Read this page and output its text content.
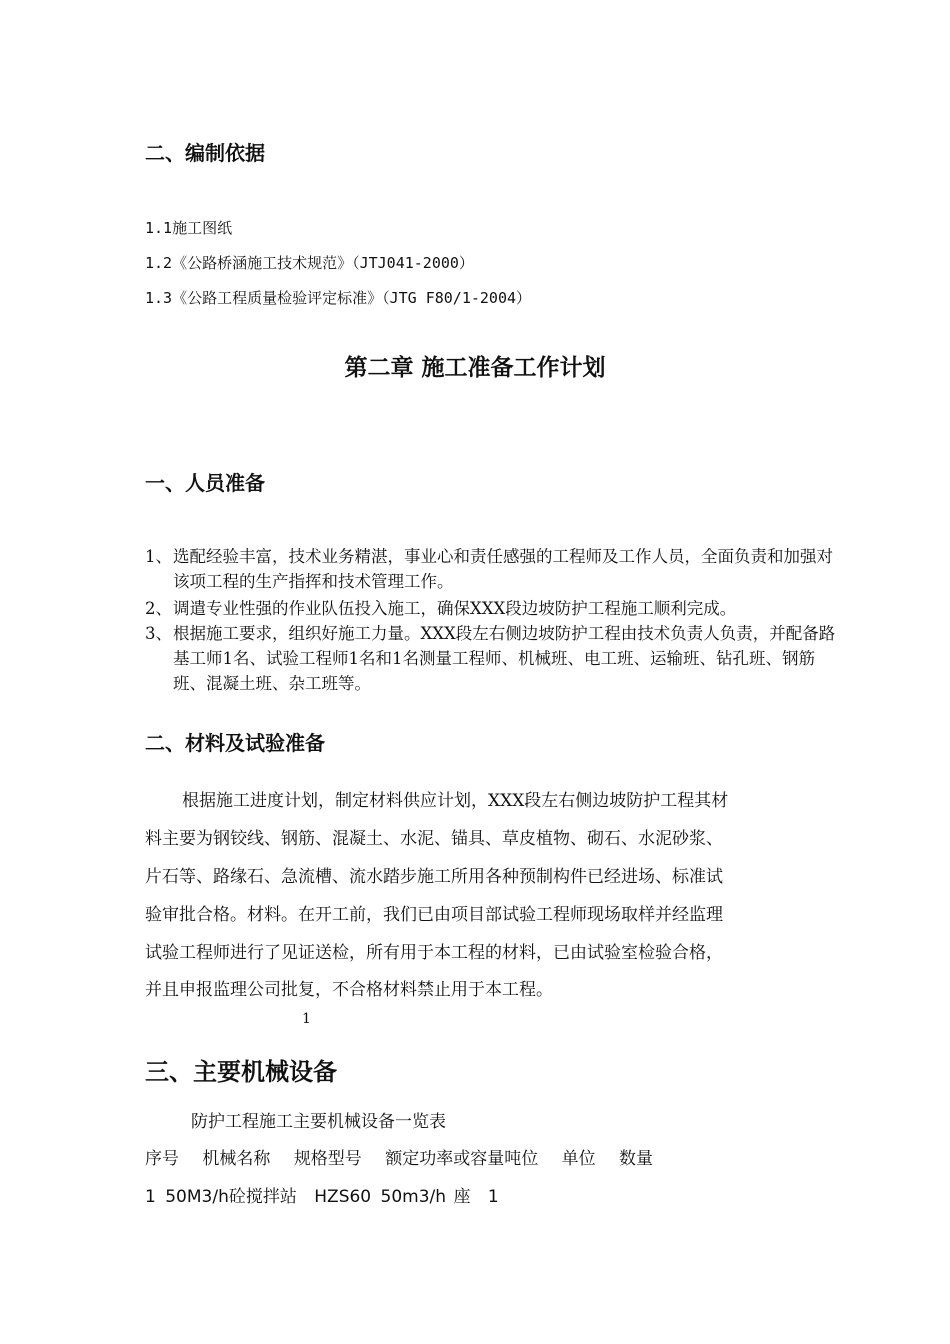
二、编制依据
1.1施工图纸
1.2《公路桥涵施工技术规范》（JTJ041-2000）
1.3《公路工程质量检验评定标准》（JTG F80/1-2004）
第二章 施工准备工作计划
一、人员准备
1、 选配经验丰富，技术业务精湛，事业心和责任感强的工程师及工作人员，全面负责和加强对该项工程的生产指挥和技术管理工作。
2、 调遣专业性强的作业队伍投入施工，确保XXX段边坡防护工程施工顺利完成。
3、 根据施工要求，组织好施工力量。XXX段左右侧边坡防护工程由技术负责人负责，并配备路基工师1名、试验工程师1名和1名测量工程师、机械班、电工班、运输班、钻孔班、钢筋班、混凝土班、杂工班等。
二、材料及试验准备
根据施工进度计划，制定材料供应计划，XXX段左右侧边坡防护工程其材
料主要为钢铰线、钢筋、混凝土、水泥、锚具、草皮植物、砌石、水泥砂浆、
片石等、路缘石、急流槽、流水踏步施工所用各种预制构件已经进场、标准试
验审批合格。材料。在开工前，我们已由项目部试验工程师现场取样并经监理
试验工程师进行了见证送检，所有用于本工程的材料，已由试验室检验合格，
并且申报监理公司批复，不合格材料禁止用于本工程。
1
三、主要机械设备
防护工程施工主要机械设备一览表
序号 机械名称 规格型号 额定功率或容量吨位 单位 数量
1 50M3/h砼搅拌站 HZS60 50m3/h 座 1
